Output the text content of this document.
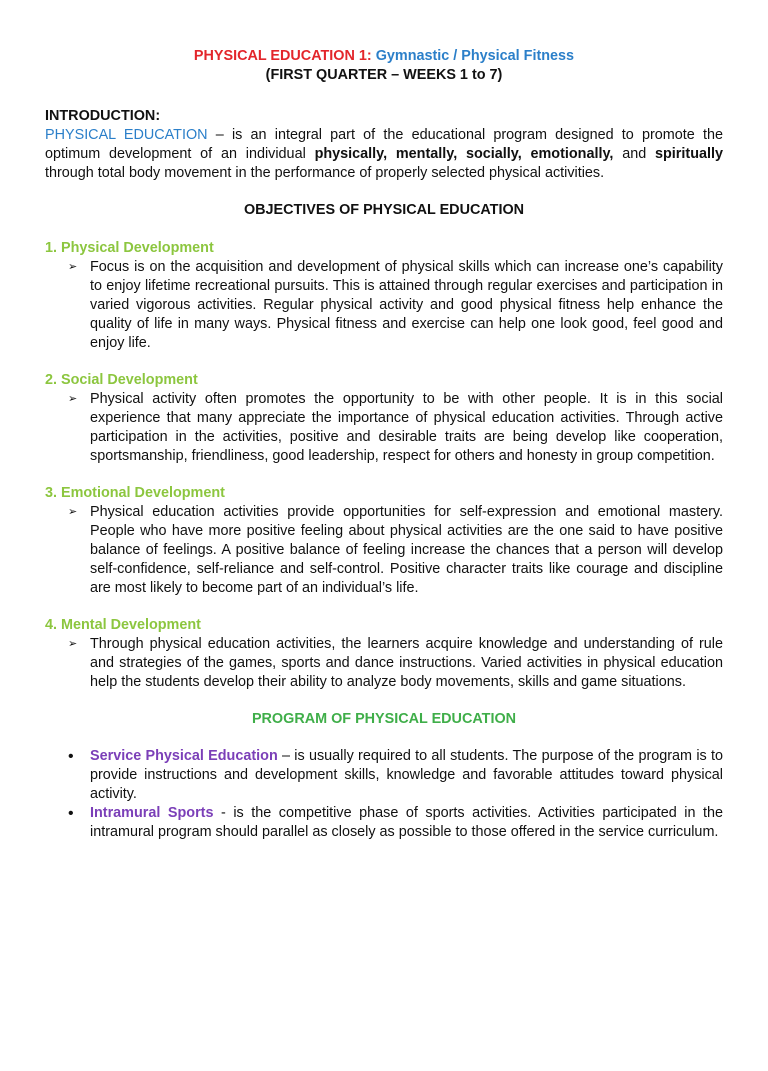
PHYSICAL EDUCATION 1: Gymnastic / Physical Fitness
(FIRST QUARTER – WEEKS 1 to 7)
INTRODUCTION:

PHYSICAL EDUCATION – is an integral part of the educational program designed to promote the optimum development of an individual physically, mentally, socially, emotionally, and spiritually through total body movement in the performance of properly selected physical activities.

OBJECTIVES OF PHYSICAL EDUCATION
1. Physical Development
➢ Focus is on the acquisition and development of physical skills which can increase one’s capability to enjoy lifetime recreational pursuits. This is attained through regular exercises and participation in varied vigorous activities. Regular physical activity and good physical fitness help enhance the quality of life in many ways. Physical fitness and exercise can help one look good, feel good and enjoy life.
2. Social Development
➢ Physical activity often promotes the opportunity to be with other people. It is in this social experience that many appreciate the importance of physical education activities. Through active participation in the activities, positive and desirable traits are being develop like cooperation, sportsmanship, friendliness, good leadership, respect for others and honesty in group competition.
3. Emotional Development
➢ Physical education activities provide opportunities for self-expression and emotional mastery. People who have more positive feeling about physical activities are the one said to have positive balance of feelings. A positive balance of feeling increase the chances that a person will develop self-confidence, self-reliance and self-control. Positive character traits like courage and discipline are most likely to become part of an individual’s life.
4. Mental Development
➢ Through physical education activities, the learners acquire knowledge and understanding of rule and strategies of the games, sports and dance instructions. Varied activities in physical education help the students develop their ability to analyze body movements, skills and game situations.
PROGRAM OF PHYSICAL EDUCATION
•
Service Physical Education – is usually required to all students. The purpose of the program is to provide instructions and development skills, knowledge and favorable attitudes toward physical activity.
•
Intramural Sports - is the competitive phase of sports activities. Activities participated in the intramural program should parallel as closely as possible to those offered in the service curriculum.
